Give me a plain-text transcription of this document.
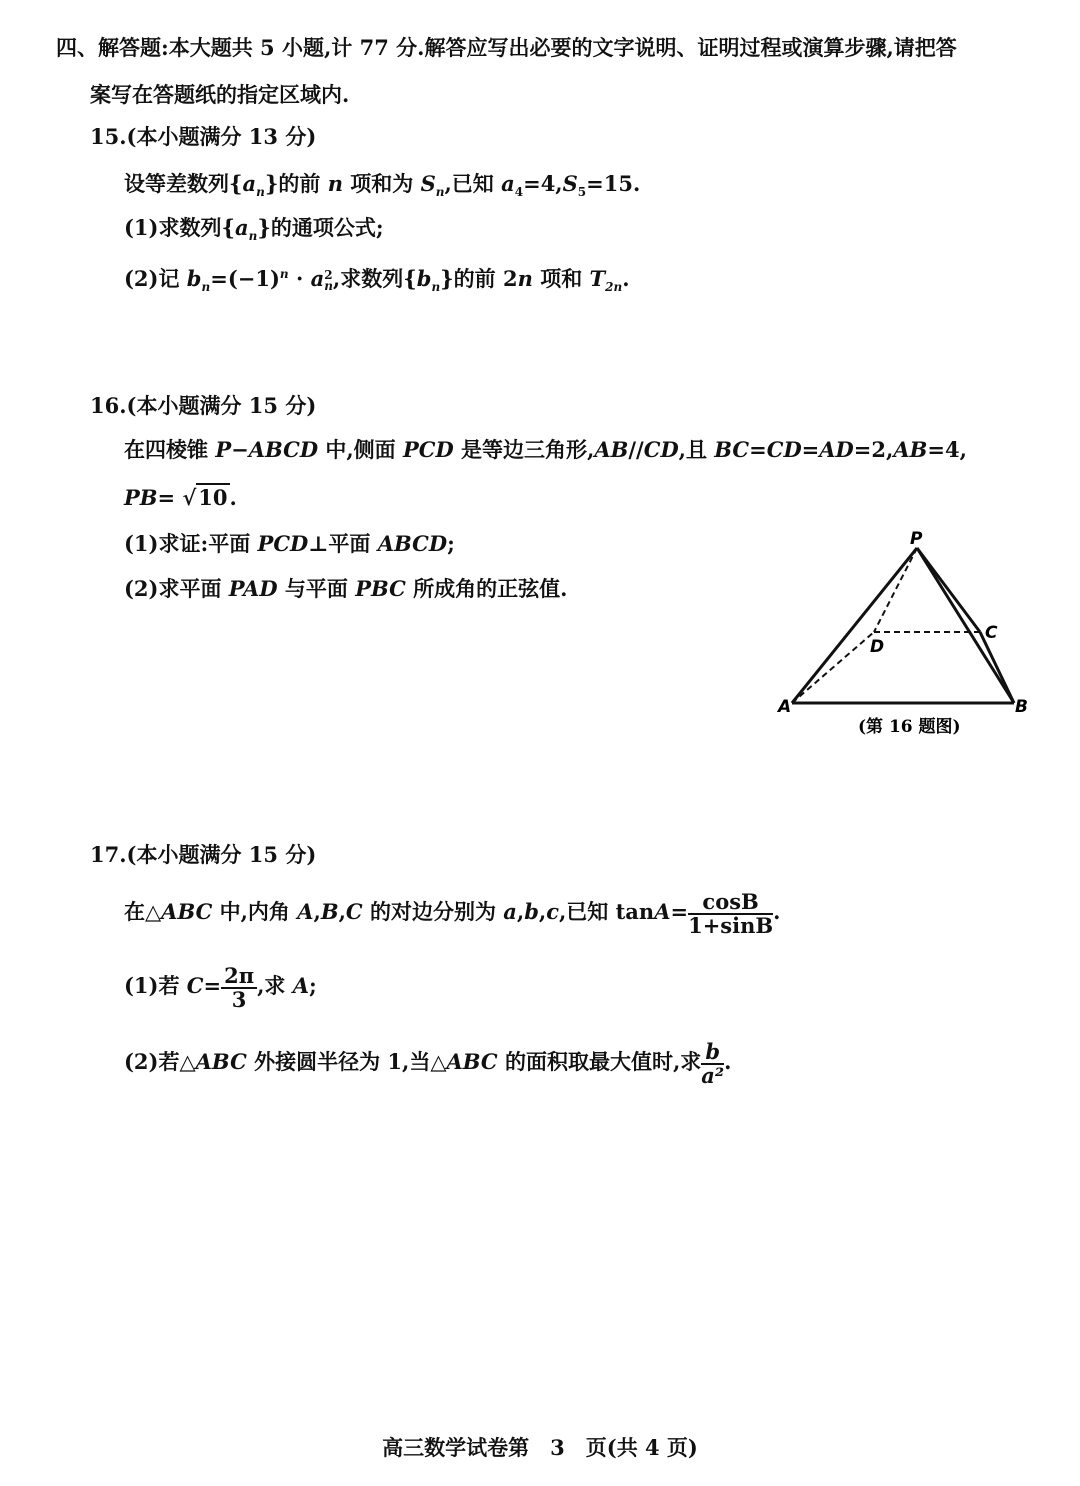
四、解答题:本大题共 5 小题,计 77 分.解答应写出必要的文字说明、证明过程或演算步骤,请把答
案写在答题纸的指定区域内.
15.(本小题满分 13 分)
设等差数列$\{a_n\}$的前 n 项和为 $S_n$,已知 $a_4=4,S_5=15$.
(1)求数列$\{a_n\}$的通项公式;
(2)记 $b_n=(-1)^n \cdot a$ 2
n ,求数列$\{b_n\}$的前 2n 项和 $T_{2n}$.
16.(本小题满分 15 分)
在四棱锥 P−ABCD 中,侧面 PCD 是等边三角形,AB//CD,且 BC=CD=AD=2,AB=4,
PB= √10.
(1)求证:平面 PCD⊥平面 ABCD;
(2)求平面 PAD 与平面 PBC 所成角的正弦值.
P
A	B
C
D
(第 16 题图)
17.(本小题满分 15 分)
在△ABC 中,内角 A,B,C 的对边分别为 a,b,c,已知 $\tan A= \frac{\cos B}{1+\sin B}$ .
(1)若 $C= \frac{2\pi}{3}$ ,求 A;
(2)若△ABC 外接圆半径为 1,当△ABC 的面积取最大值时,求 $\frac{b}{\text{a²}}$ .
高三数学试卷第　3　页(共 4 页)
